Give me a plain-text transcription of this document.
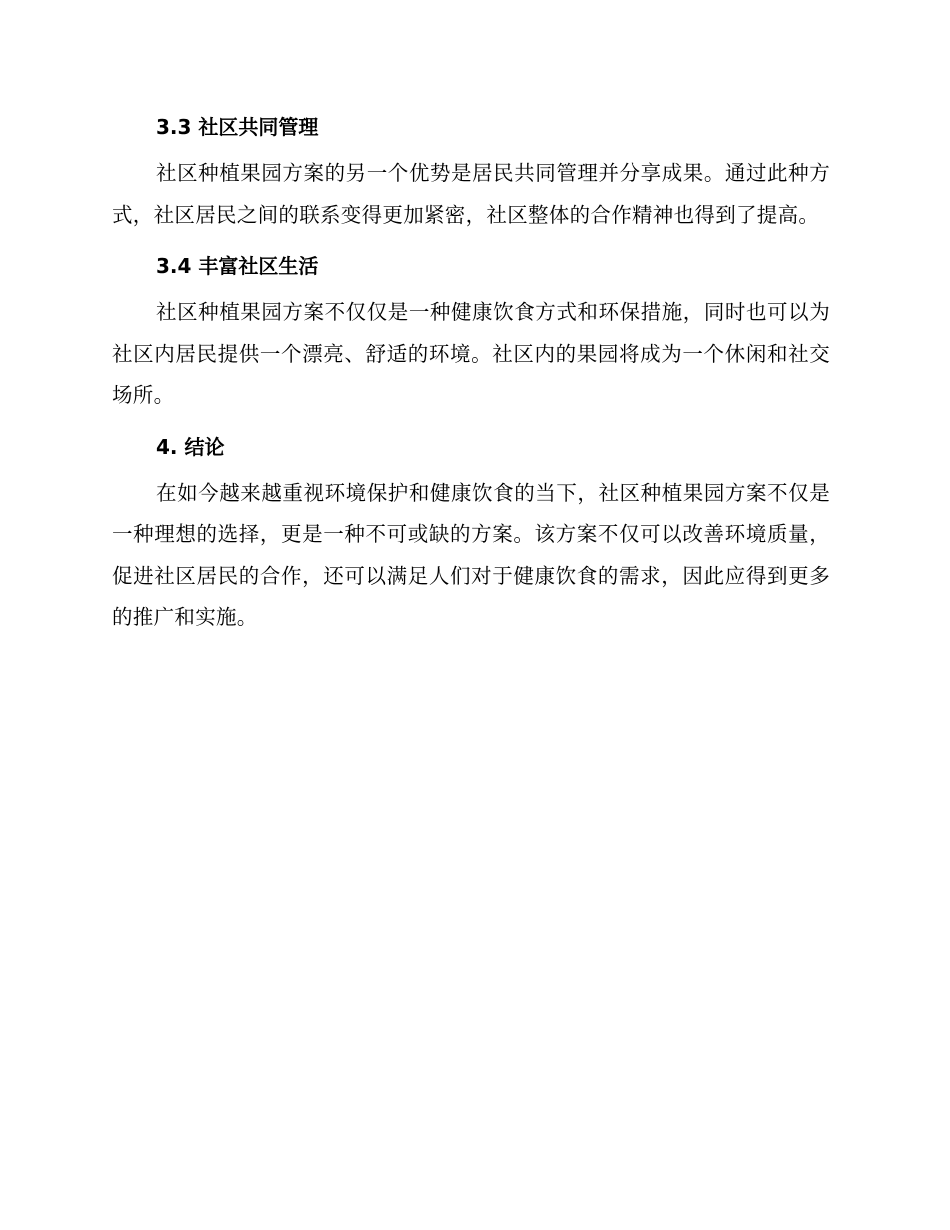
3.3 社区共同管理

社区种植果园方案的另一个优势是居民共同管理并分享成果。通过此种方式，社区居民之间的联系变得更加紧密，社区整体的合作精神也得到了提高。

3.4 丰富社区生活

社区种植果园方案不仅仅是一种健康饮食方式和环保措施，同时也可以为社区内居民提供一个漂亮、舒适的环境。社区内的果园将成为一个休闲和社交场所。

4. 结论

在如今越来越重视环境保护和健康饮食的当下，社区种植果园方案不仅是一种理想的选择，更是一种不可或缺的方案。该方案不仅可以改善环境质量，促进社区居民的合作，还可以满足人们对于健康饮食的需求，因此应得到更多的推广和实施。
